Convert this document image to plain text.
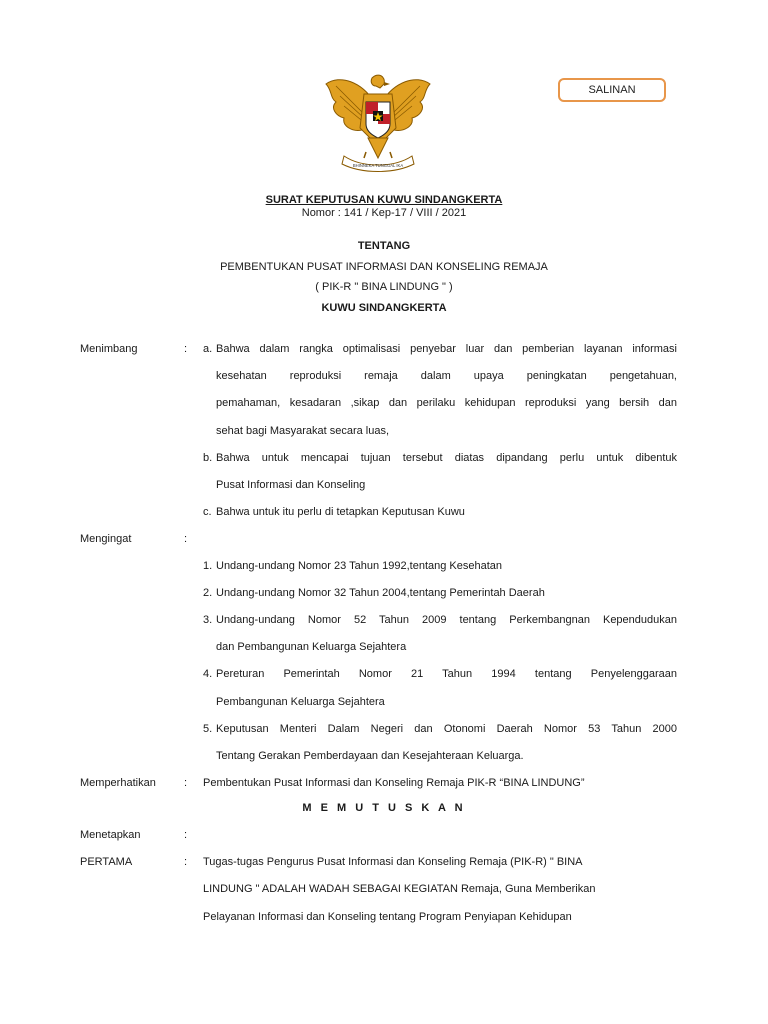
BHINNEKA TUNGGAL IKA
SALINAN
SURAT KEPUTUSAN KUWU SINDANGKERTA
Nomor : 141 / Kep-17 / VIII / 2021
TENTANG
PEMBENTUKAN PUSAT INFORMASI DAN KONSELING REMAJA
( PIK-R " BINA LINDUNG " )
KUWU SINDANGKERTA
Menimbang	: a. Bahwa dalam rangka optimalisasi penyebar luar dan pemberian layanan informasi
kesehatan reproduksi remaja dalam upaya peningkatan pengetahuan,
pemahaman, kesadaran ,sikap dan perilaku kehidupan reproduksi yang bersih dan
sehat bagi Masyarakat secara luas,
b. Bahwa untuk mencapai tujuan tersebut diatas dipandang perlu untuk dibentuk
Pusat Informasi dan Konseling
c. Bahwa untuk itu perlu di tetapkan Keputusan Kuwu
Mengingat	:
1. Undang-undang Nomor 23 Tahun 1992,tentang Kesehatan
2. Undang-undang Nomor 32 Tahun 2004,tentang Pemerintah Daerah
3. Undang-undang Nomor 52 Tahun 2009 tentang Perkembangnan Kependudukan
dan Pembangunan Keluarga Sejahtera
4. Pereturan Pemerintah Nomor 21 Tahun 1994 tentang Penyelenggaraan
Pembangunan Keluarga Sejahtera
5. Keputusan Menteri Dalam Negeri dan Otonomi Daerah Nomor 53 Tahun 2000
Tentang Gerakan Pemberdayaan dan Kesejahteraan Keluarga.
Memperhatikan	: Pembentukan Pusat Informasi dan Konseling Remaja PIK-R “BINA LINDUNG”
M E M U T U S K A N
Menetapkan	:
PERTAMA	: Tugas-tugas Pengurus Pusat Informasi dan Konseling Remaja (PIK-R) " BINA
LINDUNG " ADALAH WADAH SEBAGAI KEGIATAN Remaja, Guna Memberikan
Pelayanan Informasi dan Konseling tentang Program Penyiapan Kehidupan
